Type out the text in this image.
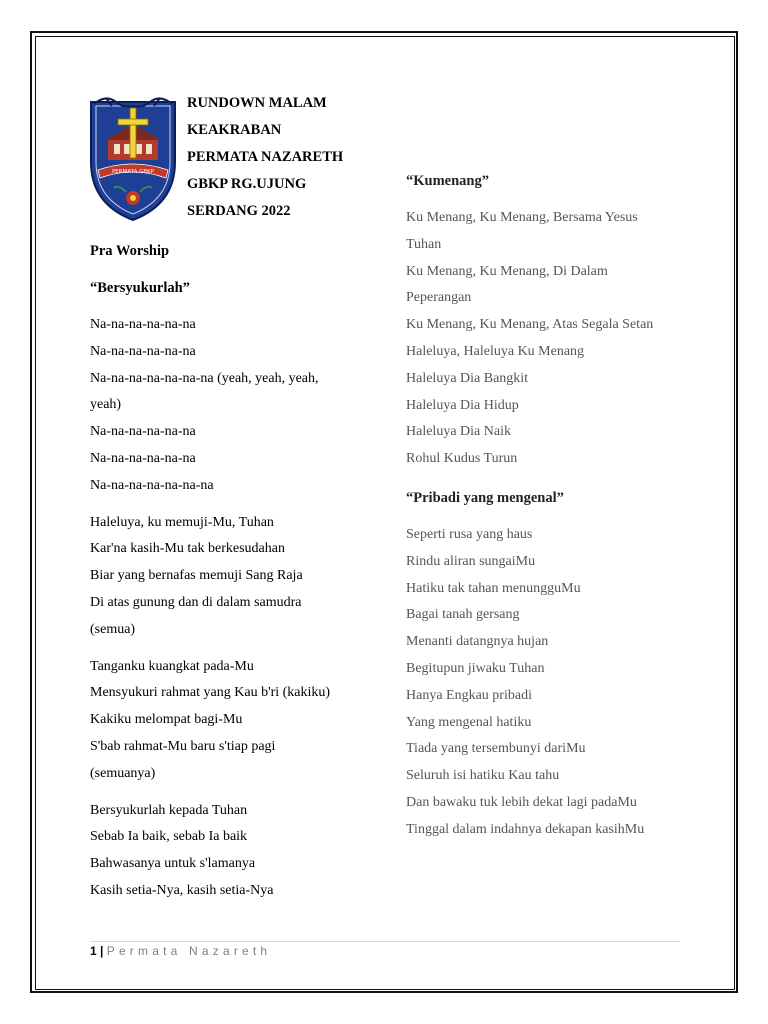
PERMATA GBKP
RUNDOWN MALAM
KEAKRABAN
PERMATA NAZARETH
GBKP RG.UJUNG
SERDANG 2022
Pra Worship
“Bersyukurlah”
Na-na-na-na-na-na
Na-na-na-na-na-na
Na-na-na-na-na-na-na (yeah, yeah, yeah,
yeah)
Na-na-na-na-na-na
Na-na-na-na-na-na
Na-na-na-na-na-na-na
Haleluya, ku memuji-Mu, Tuhan
Kar'na kasih-Mu tak berkesudahan
Biar yang bernafas memuji Sang Raja
Di atas gunung dan di dalam samudra
(semua)
Tanganku kuangkat pada-Mu
Mensyukuri rahmat yang Kau b'ri (kakiku)
Kakiku melompat bagi-Mu
S'bab rahmat-Mu baru s'tiap pagi
(semuanya)
Bersyukurlah kepada Tuhan
Sebab Ia baik, sebab Ia baik
Bahwasanya untuk s'lamanya
Kasih setia-Nya, kasih setia-Nya
“Kumenang”
Ku Menang, Ku Menang, Bersama Yesus
Tuhan
Ku Menang, Ku Menang, Di Dalam
Peperangan
Ku Menang, Ku Menang, Atas Segala Setan
Haleluya, Haleluya Ku Menang
Haleluya Dia Bangkit
Haleluya Dia Hidup
Haleluya Dia Naik
Rohul Kudus Turun
“Pribadi yang mengenal”
Seperti rusa yang haus
Rindu aliran sungaiMu
Hatiku tak tahan menungguMu
Bagai tanah gersang
Menanti datangnya hujan
Begitupun jiwaku Tuhan
Hanya Engkau pribadi
Yang mengenal hatiku
Tiada yang tersembunyi dariMu
Seluruh isi hatiku Kau tahu
Dan bawaku tuk lebih dekat lagi padaMu
Tinggal dalam indahnya dekapan kasihMu
1 | Permata Nazareth
